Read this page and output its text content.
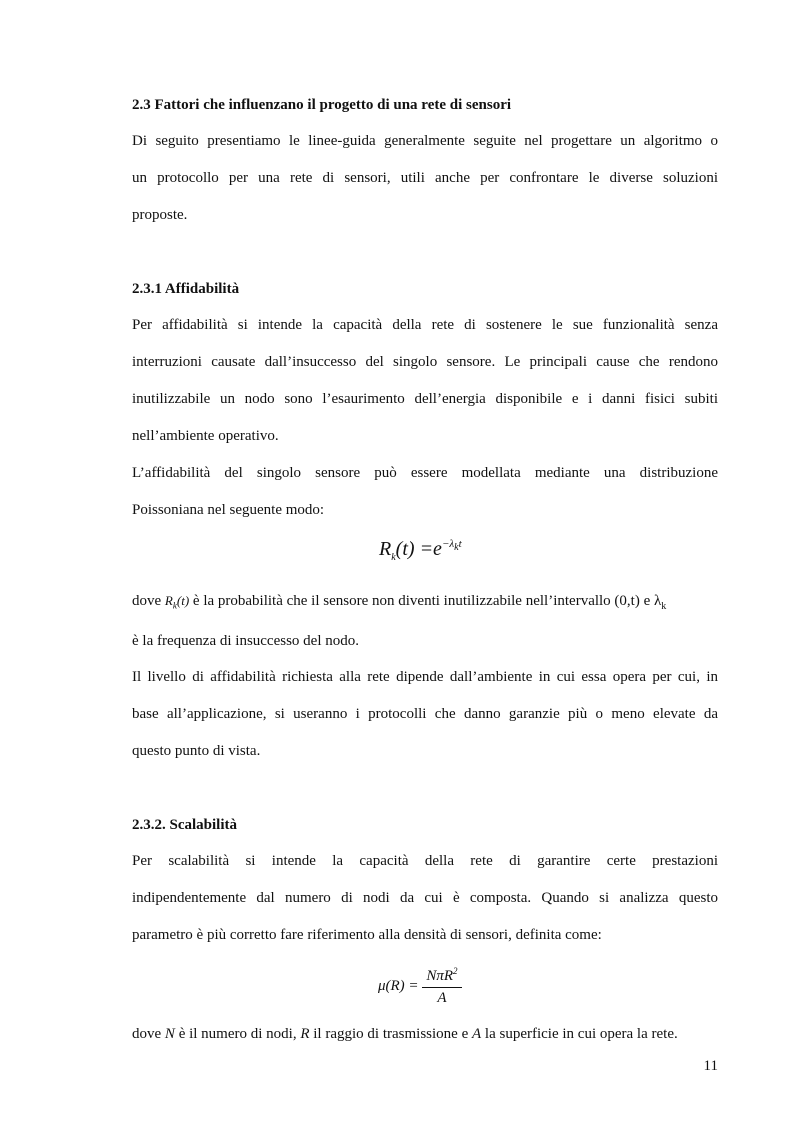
2.3 Fattori che influenzano il progetto di una rete di sensori
Di seguito presentiamo le linee-guida generalmente seguite nel progettare un algoritmo o
un protocollo per una rete di sensori, utili anche per confrontare le diverse soluzioni
proposte.
2.3.1 Affidabilità
Per affidabilità si intende la capacità della rete di sostenere le sue funzionalità senza
interruzioni causate dall’insuccesso del singolo sensore. Le principali cause che rendono
inutilizzabile un nodo sono l’esaurimento dell’energia disponibile e i danni fisici subiti
nell’ambiente operativo.
L’affidabilità del singolo sensore può essere modellata mediante una distribuzione
Poissoniana nel seguente modo:
$R_k(t) =e^{-\lambda_kt}$
dove $R_k(t)$ è la probabilità che il sensore non diventi inutilizzabile nell’intervallo (0,t) e $\lambda_k$
è la frequenza di insuccesso del nodo.
Il livello di affidabilità richiesta alla rete dipende dall’ambiente in cui essa opera per cui, in
base all’applicazione, si useranno i protocolli che danno garanzie più o meno elevate da
questo punto di vista.
2.3.2. Scalabilità
Per scalabilità si intende la capacità della rete di garantire certe prestazioni
indipendentemente dal numero di nodi da cui è composta. Quando si analizza questo
parametro è più corretto fare riferimento alla densità di sensori, definita come:
$\mu(R) = \frac{N\pi R^2}{A}$
dove N è il numero di nodi, R il raggio di trasmissione e A la superficie in cui opera la rete.
11
